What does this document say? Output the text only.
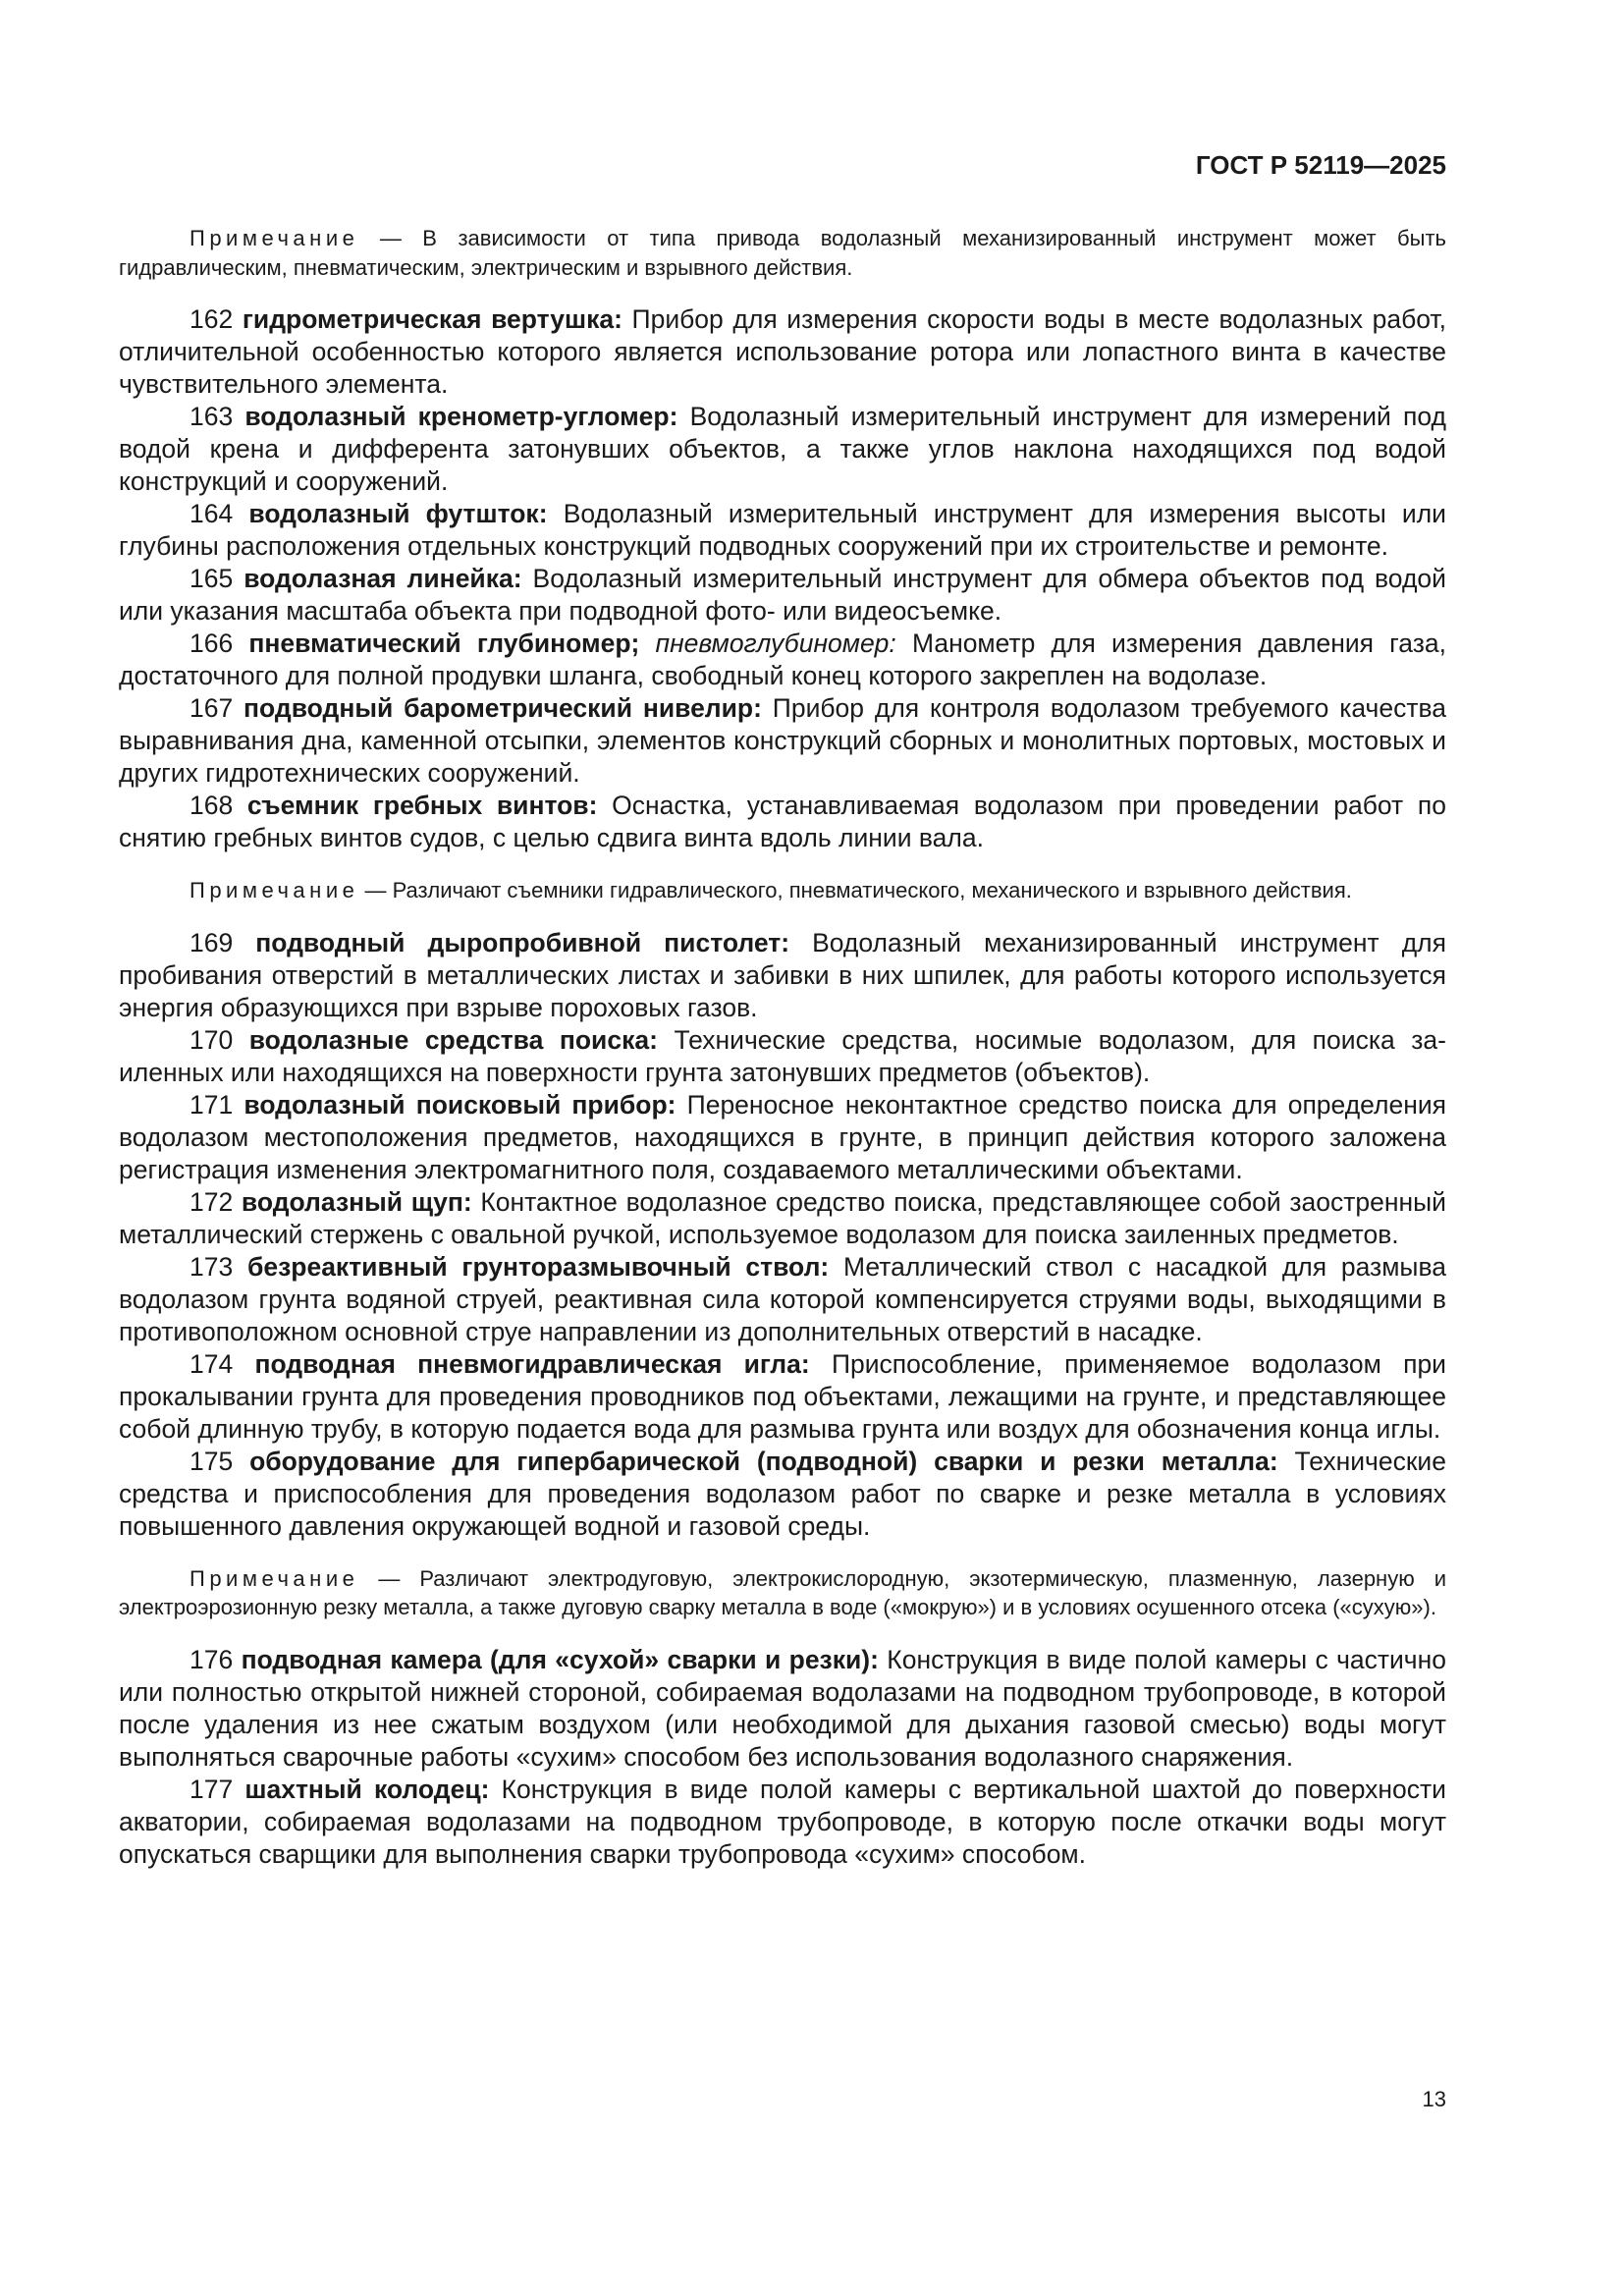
ГОСТ Р 52119—2025

Примечание — В зависимости от типа привода водолазный механизированный инструмент может быть гидравлическим, пневматическим, электрическим и взрывного действия.

162 гидрометрическая вертушка: Прибор для измерения скорости воды в месте водолазных работ, отличительной особенностью которого является использование ротора или лопастного винта в качестве чувствительного элемента.

163 водолазный кренометр-угломер: Водолазный измерительный инструмент для измерений под водой крена и дифферента затонувших объектов, а также углов наклона находящихся под водой конструкций и сооружений.

164 водолазный футшток: Водолазный измерительный инструмент для измерения высоты или глубины расположения отдельных конструкций подводных сооружений при их строительстве и ремонте.

165 водолазная линейка: Водолазный измерительный инструмент для обмера объектов под водой или указания масштаба объекта при подводной фото- или видеосъемке.

166 пневматический глубиномер; пневмоглубиномер: Манометр для измерения давления газа, достаточного для полной продувки шланга, свободный конец которого закреплен на водолазе.

167 подводный барометрический нивелир: Прибор для контроля водолазом требуемого качества выравнивания дна, каменной отсыпки, элементов конструкций сборных и монолитных портовых, мостовых и других гидротехнических сооружений.

168 съемник гребных винтов: Оснастка, устанавливаемая водолазом при проведении работ по снятию гребных винтов судов, с целью сдвига винта вдоль линии вала.

Примечание — Различают съемники гидравлического, пневматического, механического и взрывного действия.

169 подводный дыропробивной пистолет: Водолазный механизированный инструмент для пробивания отверстий в металлических листах и забивки в них шпилек, для работы которого используется энергия образующихся при взрыве пороховых газов.

170 водолазные средства поиска: Технические средства, носимые водолазом, для поиска заиленных или находящихся на поверхности грунта затонувших предметов (объектов).

171 водолазный поисковый прибор: Переносное неконтактное средство поиска для определения водолазом местоположения предметов, находящихся в грунте, в принцип действия которого заложена регистрация изменения электромагнитного поля, создаваемого металлическими объектами.

172 водолазный щуп: Контактное водолазное средство поиска, представляющее собой заостренный металлический стержень с овальной ручкой, используемое водолазом для поиска заиленных предметов.

173 безреактивный грунторазмывочный ствол: Металлический ствол с насадкой для размыва водолазом грунта водяной струей, реактивная сила которой компенсируется струями воды, выходящими в противоположном основной струе направлении из дополнительных отверстий в насадке.

174 подводная пневмогидравлическая игла: Приспособление, применяемое водолазом при прокалывании грунта для проведения проводников под объектами, лежащими на грунте, и представляющее собой длинную трубу, в которую подается вода для размыва грунта или воздух для обозначения конца иглы.

175 оборудование для гипербарической (подводной) сварки и резки металла: Технические средства и приспособления для проведения водолазом работ по сварке и резке металла в условиях повышенного давления окружающей водной и газовой среды.

Примечание — Различают электродуговую, электрокислородную, экзотермическую, плазменную, лазерную и электроэрозионную резку металла, а также дуговую сварку металла в воде («мокрую») и в условиях осушенного отсека («сухую»).

176 подводная камера (для «сухой» сварки и резки): Конструкция в виде полой камеры с частично или полностью открытой нижней стороной, собираемая водолазами на подводном трубопроводе, в которой после удаления из нее сжатым воздухом (или необходимой для дыхания газовой смесью) воды могут выполняться сварочные работы «сухим» способом без использования водолазного снаряжения.

177 шахтный колодец: Конструкция в виде полой камеры с вертикальной шахтой до поверхности акватории, собираемая водолазами на подводном трубопроводе, в которую после откачки воды могут опускаться сварщики для выполнения сварки трубопровода «сухим» способом.

13
